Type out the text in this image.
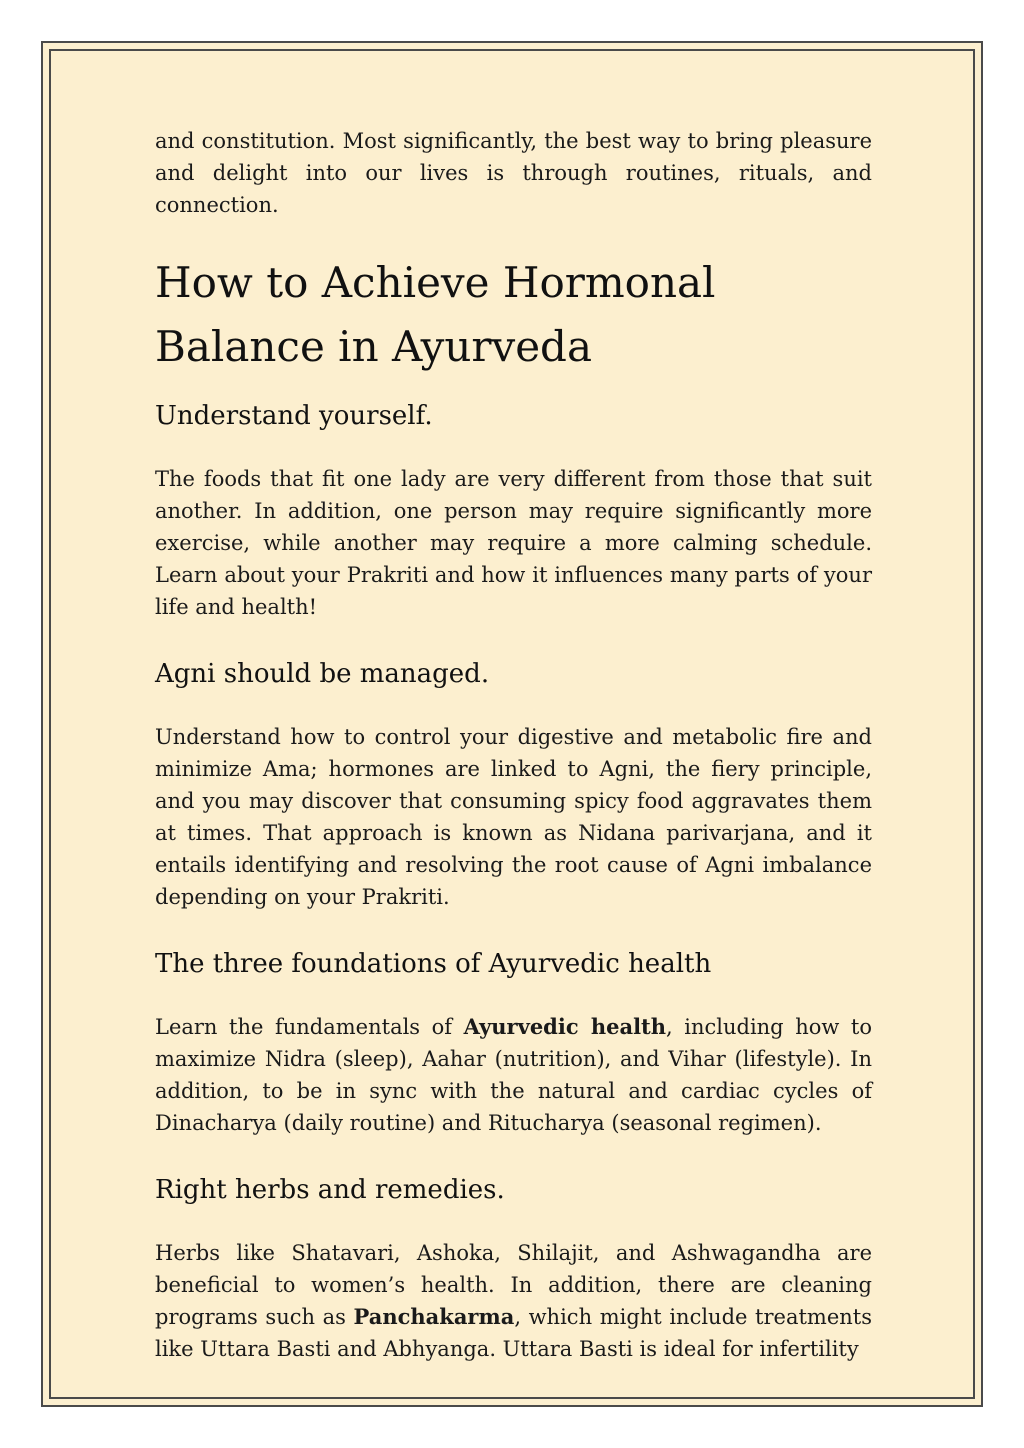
and constitution. Most significantly, the best way to bring pleasure and delight into our lives is through routines, rituals, and connection.

How to Achieve Hormonal Balance in Ayurveda
Understand yourself.

The foods that fit one lady are very different from those that suit another. In addition, one person may require significantly more exercise, while another may require a more calming schedule. Learn about your Prakriti and how it influences many parts of your life and health!

Agni should be managed.

Understand how to control your digestive and metabolic fire and minimize Ama; hormones are linked to Agni, the fiery principle, and you may discover that consuming spicy food aggravates them at times. That approach is known as Nidana parivarjana, and it entails identifying and resolving the root cause of Agni imbalance depending on your Prakriti.

The three foundations of Ayurvedic health

Learn the fundamentals of Ayurvedic health, including how to maximize Nidra (sleep), Aahar (nutrition), and Vihar (lifestyle). In addition, to be in sync with the natural and cardiac cycles of Dinacharya (daily routine) and Ritucharya (seasonal regimen).

Right herbs and remedies.

Herbs like Shatavari, Ashoka, Shilajit, and Ashwagandha are beneficial to women’s health. In addition, there are cleaning programs such as Panchakarma, which might include treatments like Uttara Basti and Abhyanga. Uttara Basti is ideal for infertility
